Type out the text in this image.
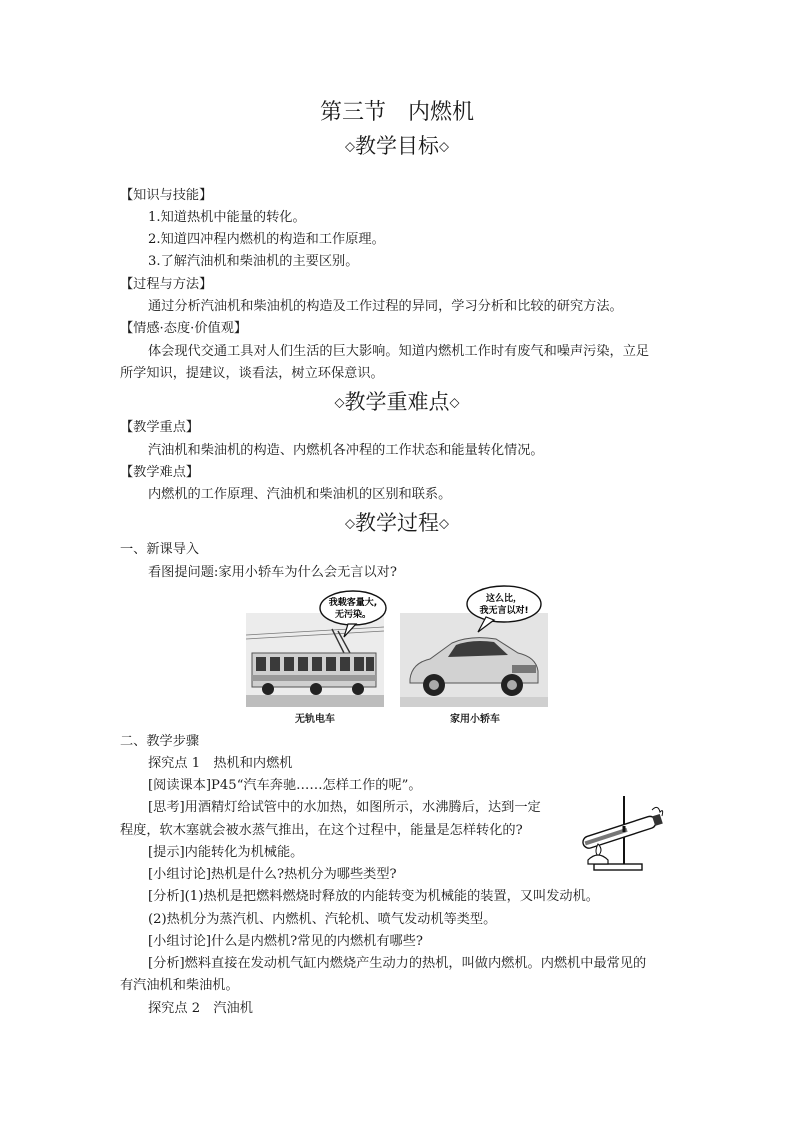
第三节　内燃机
◇教学目标◇
【知识与技能】
1.知道热机中能量的转化。
2.知道四冲程内燃机的构造和工作原理。
3.了解汽油机和柴油机的主要区别。
【过程与方法】
通过分析汽油机和柴油机的构造及工作过程的异同，学习分析和比较的研究方法。
【情感·态度·价值观】
体会现代交通工具对人们生活的巨大影响。知道内燃机工作时有废气和噪声污染，立足
所学知识，提建议，谈看法，树立环保意识。
◇教学重难点◇
【教学重点】
汽油机和柴油机的构造、内燃机各冲程的工作状态和能量转化情况。
【教学难点】
内燃机的工作原理、汽油机和柴油机的区别和联系。
◇教学过程◇
一、新课导入
看图提问题:家用小轿车为什么会无言以对?
我载客量大,
无污染。
无轨电车
这么比，
我无言以对!
家用小轿车
二、教学步骤
探究点 1　热机和内燃机
[阅读课本]P45“汽车奔驰……怎样工作的呢”。
[思考]用酒精灯给试管中的水加热，如图所示，水沸腾后，达到一定
程度，软木塞就会被水蒸气推出，在这个过程中，能量是怎样转化的?
[提示]内能转化为机械能。
[小组讨论]热机是什么?热机分为哪些类型?
[分析](1)热机是把燃料燃烧时释放的内能转变为机械能的装置，又叫发动机。
(2)热机分为蒸汽机、内燃机、汽轮机、喷气发动机等类型。
[小组讨论]什么是内燃机?常见的内燃机有哪些?
[分析]燃料直接在发动机气缸内燃烧产生动力的热机，叫做内燃机。内燃机中最常见的
有汽油机和柴油机。
探究点 2　汽油机
